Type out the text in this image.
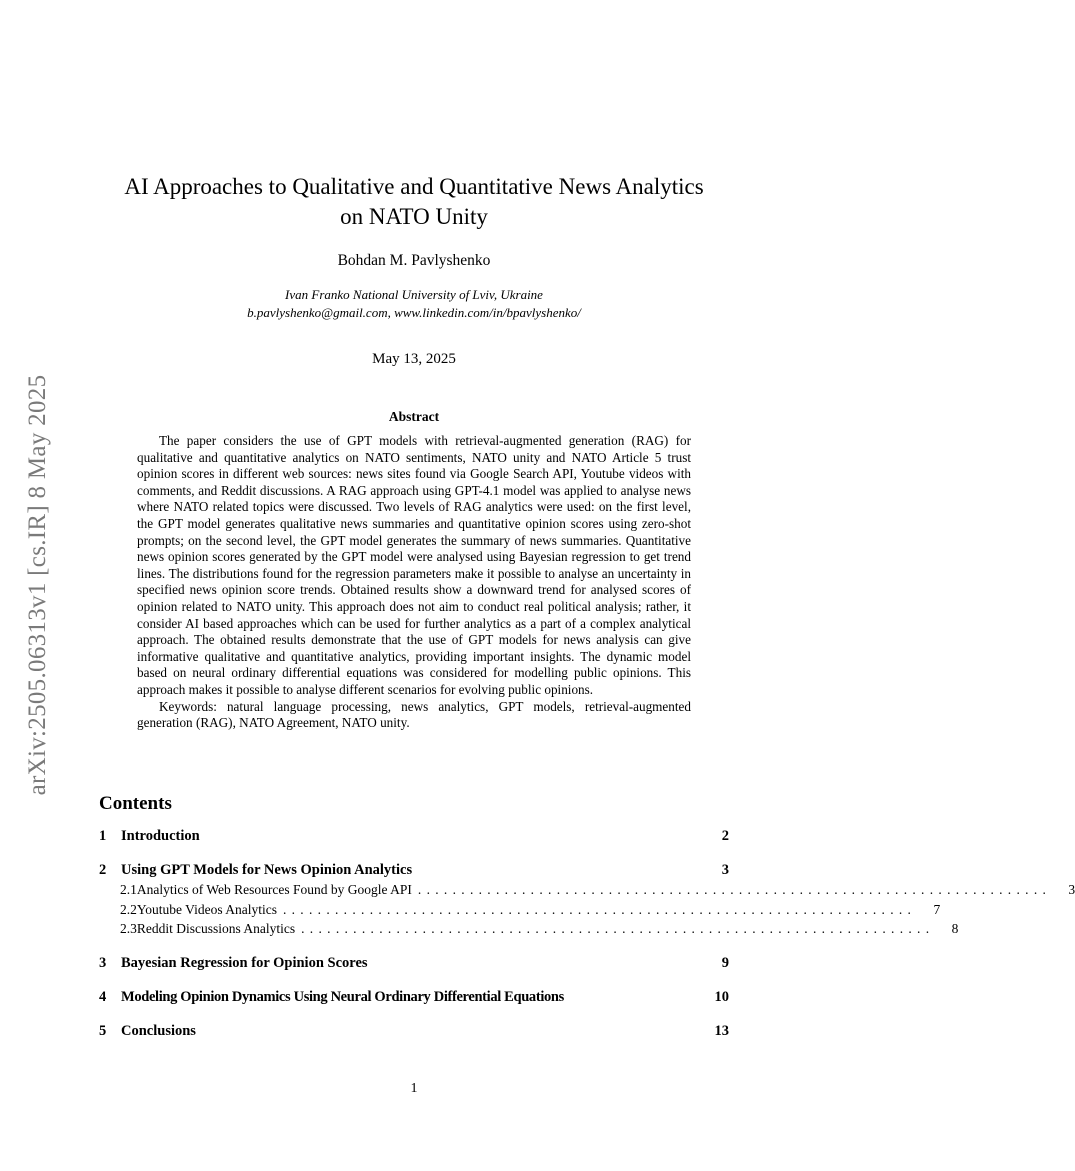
arXiv:2505.06313v1 [cs.IR] 8 May 2025
AI Approaches to Qualitative and Quantitative News Analytics
on NATO Unity
Bohdan M. Pavlyshenko
Ivan Franko National University of Lviv, Ukraine
b.pavlyshenko@gmail.com, www.linkedin.com/in/bpavlyshenko/
May 13, 2025
Abstract

The paper considers the use of GPT models with retrieval-augmented generation (RAG) for qualitative and quantitative analytics on NATO sentiments, NATO unity and NATO Article 5 trust opinion scores in different web sources: news sites found via Google Search API, Youtube videos with comments, and Reddit discussions. A RAG approach using GPT-4.1 model was applied to analyse news where NATO related topics were discussed. Two levels of RAG analytics were used: on the first level, the GPT model generates qualitative news summaries and quantitative opinion scores using zero-shot prompts; on the second level, the GPT model generates the summary of news summaries. Quantitative news opinion scores generated by the GPT model were analysed using Bayesian regression to get trend lines. The distributions found for the regression parameters make it possible to analyse an uncertainty in specified news opinion score trends. Obtained results show a downward trend for analysed scores of opinion related to NATO unity. This approach does not aim to conduct real political analysis; rather, it consider AI based approaches which can be used for further analytics as a part of a complex analytical approach. The obtained results demonstrate that the use of GPT models for news analysis can give informative qualitative and quantitative analytics, providing important insights. The dynamic model based on neural ordinary differential equations was considered for modelling public opinions. This approach makes it possible to analyse different scenarios for evolving public opinions.

Keywords: natural language processing, news analytics, GPT models, retrieval-augmented generation (RAG), NATO Agreement, NATO unity.

Contents
1	Introduction	2
2	Using GPT Models for News Opinion Analytics	3
2.1 Analytics of Web Resources Found by Google API .........................................................................	3
2.2 Youtube Videos Analytics .........................................................................	7
2.3 Reddit Discussions Analytics .........................................................................	8
3	Bayesian Regression for Opinion Scores	9
4	Modeling Opinion Dynamics Using Neural Ordinary Differential Equations	10
5	Conclusions	13
1
